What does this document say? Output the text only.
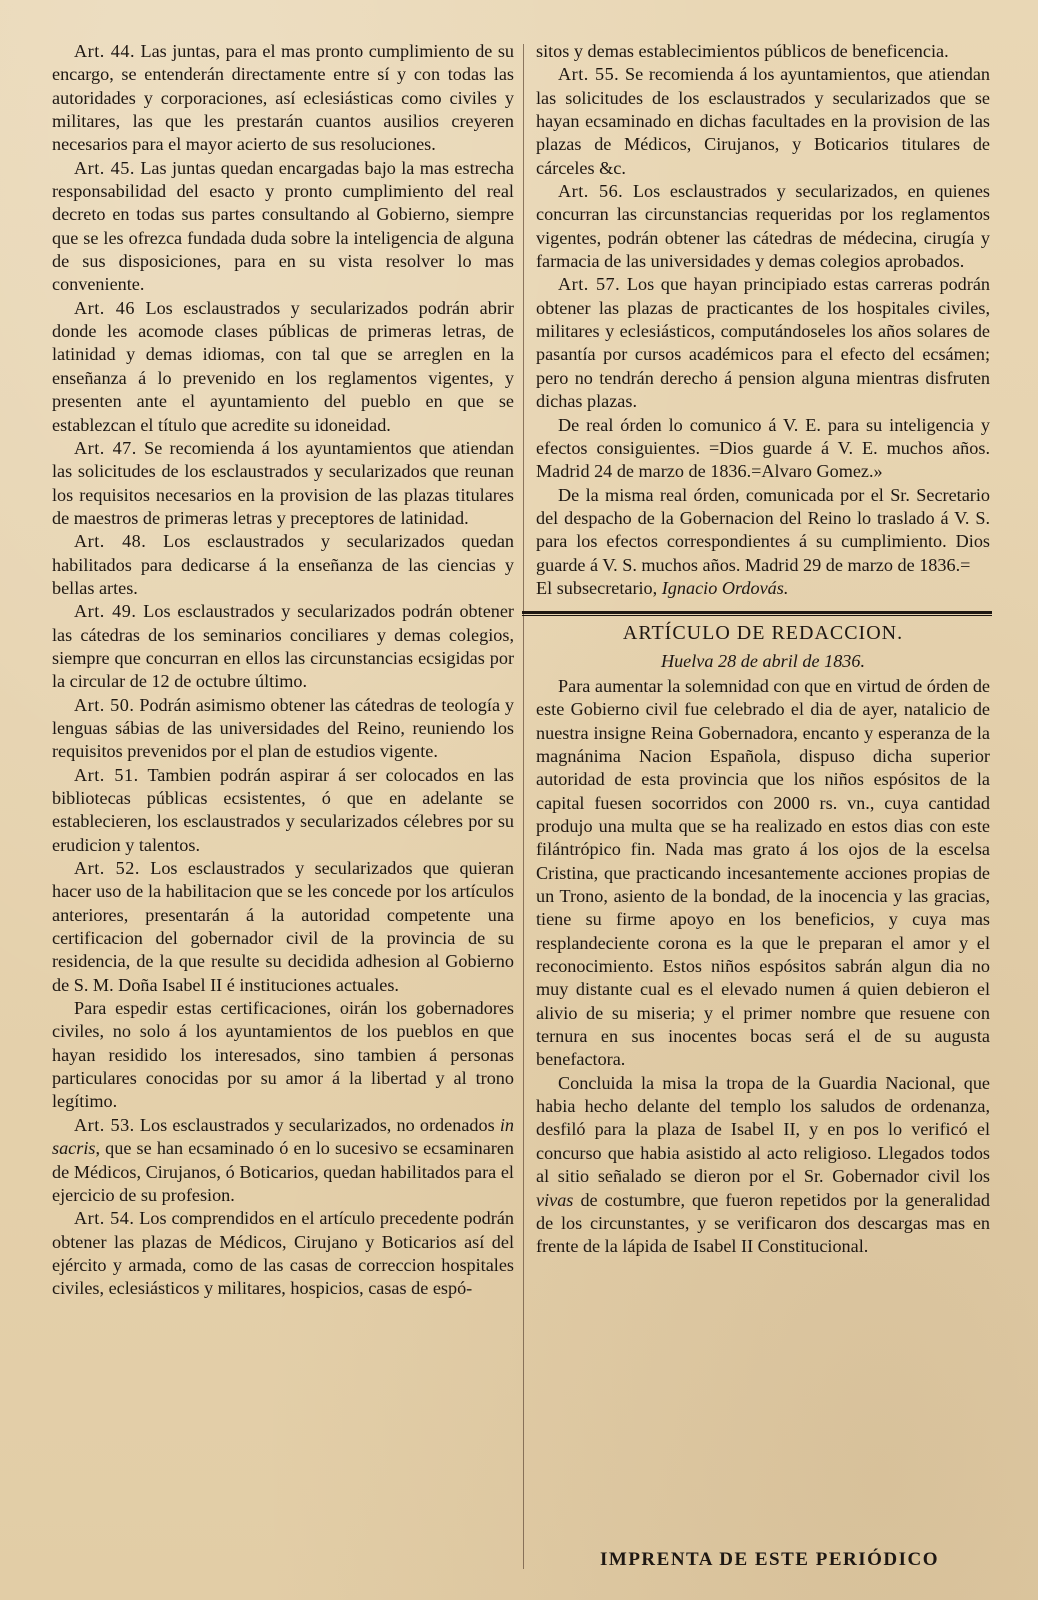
Art. 44. Las juntas, para el mas pronto cumplimiento de su encargo, se entenderán directamente entre sí y con todas las autoridades y corporaciones, así eclesiásticas como civiles y militares, las que les prestarán cuantos ausilios creyeren necesarios para el mayor acierto de sus resoluciones.

Art. 45. Las juntas quedan encargadas bajo la mas estrecha responsabilidad del esacto y pronto cumplimiento del real decreto en todas sus partes consultando al Gobierno, siempre que se les ofrezca fundada duda sobre la inteligencia de alguna de sus disposiciones, para en su vista resolver lo mas conveniente.

Art. 46 Los esclaustrados y secularizados podrán abrir donde les acomode clases públicas de primeras letras, de latinidad y demas idiomas, con tal que se arreglen en la enseñanza á lo prevenido en los reglamentos vigentes, y presenten ante el ayuntamiento del pueblo en que se establezcan el título que acredite su idoneidad.

Art. 47. Se recomienda á los ayuntamientos que atiendan las solicitudes de los esclaustrados y secularizados que reunan los requisitos necesarios en la provision de las plazas titulares de maestros de primeras letras y preceptores de latinidad.

Art. 48. Los esclaustrados y secularizados quedan habilitados para dedicarse á la enseñanza de las ciencias y bellas artes.

Art. 49. Los esclaustrados y secularizados podrán obtener las cátedras de los seminarios conciliares y demas colegios, siempre que concurran en ellos las circunstancias ecsigidas por la circular de 12 de octubre último.

Art. 50. Podrán asimismo obtener las cátedras de teología y lenguas sábias de las universidades del Reino, reuniendo los requisitos prevenidos por el plan de estudios vigente.

Art. 51. Tambien podrán aspirar á ser colocados en las bibliotecas públicas ecsistentes, ó que en adelante se establecieren, los esclaustrados y secularizados célebres por su erudicion y talentos.

Art. 52. Los esclaustrados y secularizados que quieran hacer uso de la habilitacion que se les concede por los artículos anteriores, presentarán á la autoridad competente una certificacion del gobernador civil de la provincia de su residencia, de la que resulte su decidida adhesion al Gobierno de S. M. Doña Isabel II é instituciones actuales.

Para espedir estas certificaciones, oirán los gobernadores civiles, no solo á los ayuntamientos de los pueblos en que hayan residido los interesados, sino tambien á personas particulares conocidas por su amor á la libertad y al trono legítimo.

Art. 53. Los esclaustrados y secularizados, no ordenados in sacris, que se han ecsaminado ó en lo sucesivo se ecsaminaren de Médicos, Cirujanos, ó Boticarios, quedan habilitados para el ejercicio de su profesion.

Art. 54. Los comprendidos en el artículo precedente podrán obtener las plazas de Médicos, Cirujano y Boticarios así del ejército y armada, como de las casas de correccion hospitales civiles, eclesiásticos y militares, hospicios, casas de espó-

sitos y demas establecimientos públicos de beneficencia.

Art. 55. Se recomienda á los ayuntamientos, que atiendan las solicitudes de los esclaustrados y secularizados que se hayan ecsaminado en dichas facultades en la provision de las plazas de Médicos, Cirujanos, y Boticarios titulares de cárceles &c.

Art. 56. Los esclaustrados y secularizados, en quienes concurran las circunstancias requeridas por los reglamentos vigentes, podrán obtener las cátedras de médecina, cirugía y farmacia de las universidades y demas colegios aprobados.

Art. 57. Los que hayan principiado estas carreras podrán obtener las plazas de practicantes de los hospitales civiles, militares y eclesiásticos, computándoseles los años solares de pasantía por cursos académicos para el efecto del ecsámen; pero no tendrán derecho á pension alguna mientras disfruten dichas plazas.

De real órden lo comunico á V. E. para su inteligencia y efectos consiguientes. =Dios guarde á V. E. muchos años. Madrid 24 de marzo de 1836.=Alvaro Gomez.»

De la misma real órden, comunicada por el Sr. Secretario del despacho de la Gobernacion del Reino lo traslado á V. S. para los efectos correspondientes á su cumplimiento. Dios guarde á V. S. muchos años. Madrid 29 de marzo de 1836.=

El subsecretario, Ignacio Ordovás.

ARTÍCULO DE REDACCION.

Huelva 28 de abril de 1836.

Para aumentar la solemnidad con que en virtud de órden de este Gobierno civil fue celebrado el dia de ayer, natalicio de nuestra insigne Reina Gobernadora, encanto y esperanza de la magnánima Nacion Española, dispuso dicha superior autoridad de esta provincia que los niños espósitos de la capital fuesen socorridos con 2000 rs. vn., cuya cantidad produjo una multa que se ha realizado en estos dias con este filántrópico fin. Nada mas grato á los ojos de la escelsa Cristina, que practicando incesantemente acciones propias de un Trono, asiento de la bondad, de la inocencia y las gracias, tiene su firme apoyo en los beneficios, y cuya mas resplandeciente corona es la que le preparan el amor y el reconocimiento. Estos niños espósitos sabrán algun dia no muy distante cual es el elevado numen á quien debieron el alivio de su miseria; y el primer nombre que resuene con ternura en sus inocentes bocas será el de su augusta benefactora.

Concluida la misa la tropa de la Guardia Nacional, que habia hecho delante del templo los saludos de ordenanza, desfiló para la plaza de Isabel II, y en pos lo verificó el concurso que habia asistido al acto religioso. Llegados todos al sitio señalado se dieron por el Sr. Gobernador civil los vivas de costumbre, que fueron repetidos por la generalidad de los circunstantes, y se verificaron dos descargas mas en frente de la lápida de Isabel II Constitucional.

IMPRENTA DE ESTE PERIÓDICO
